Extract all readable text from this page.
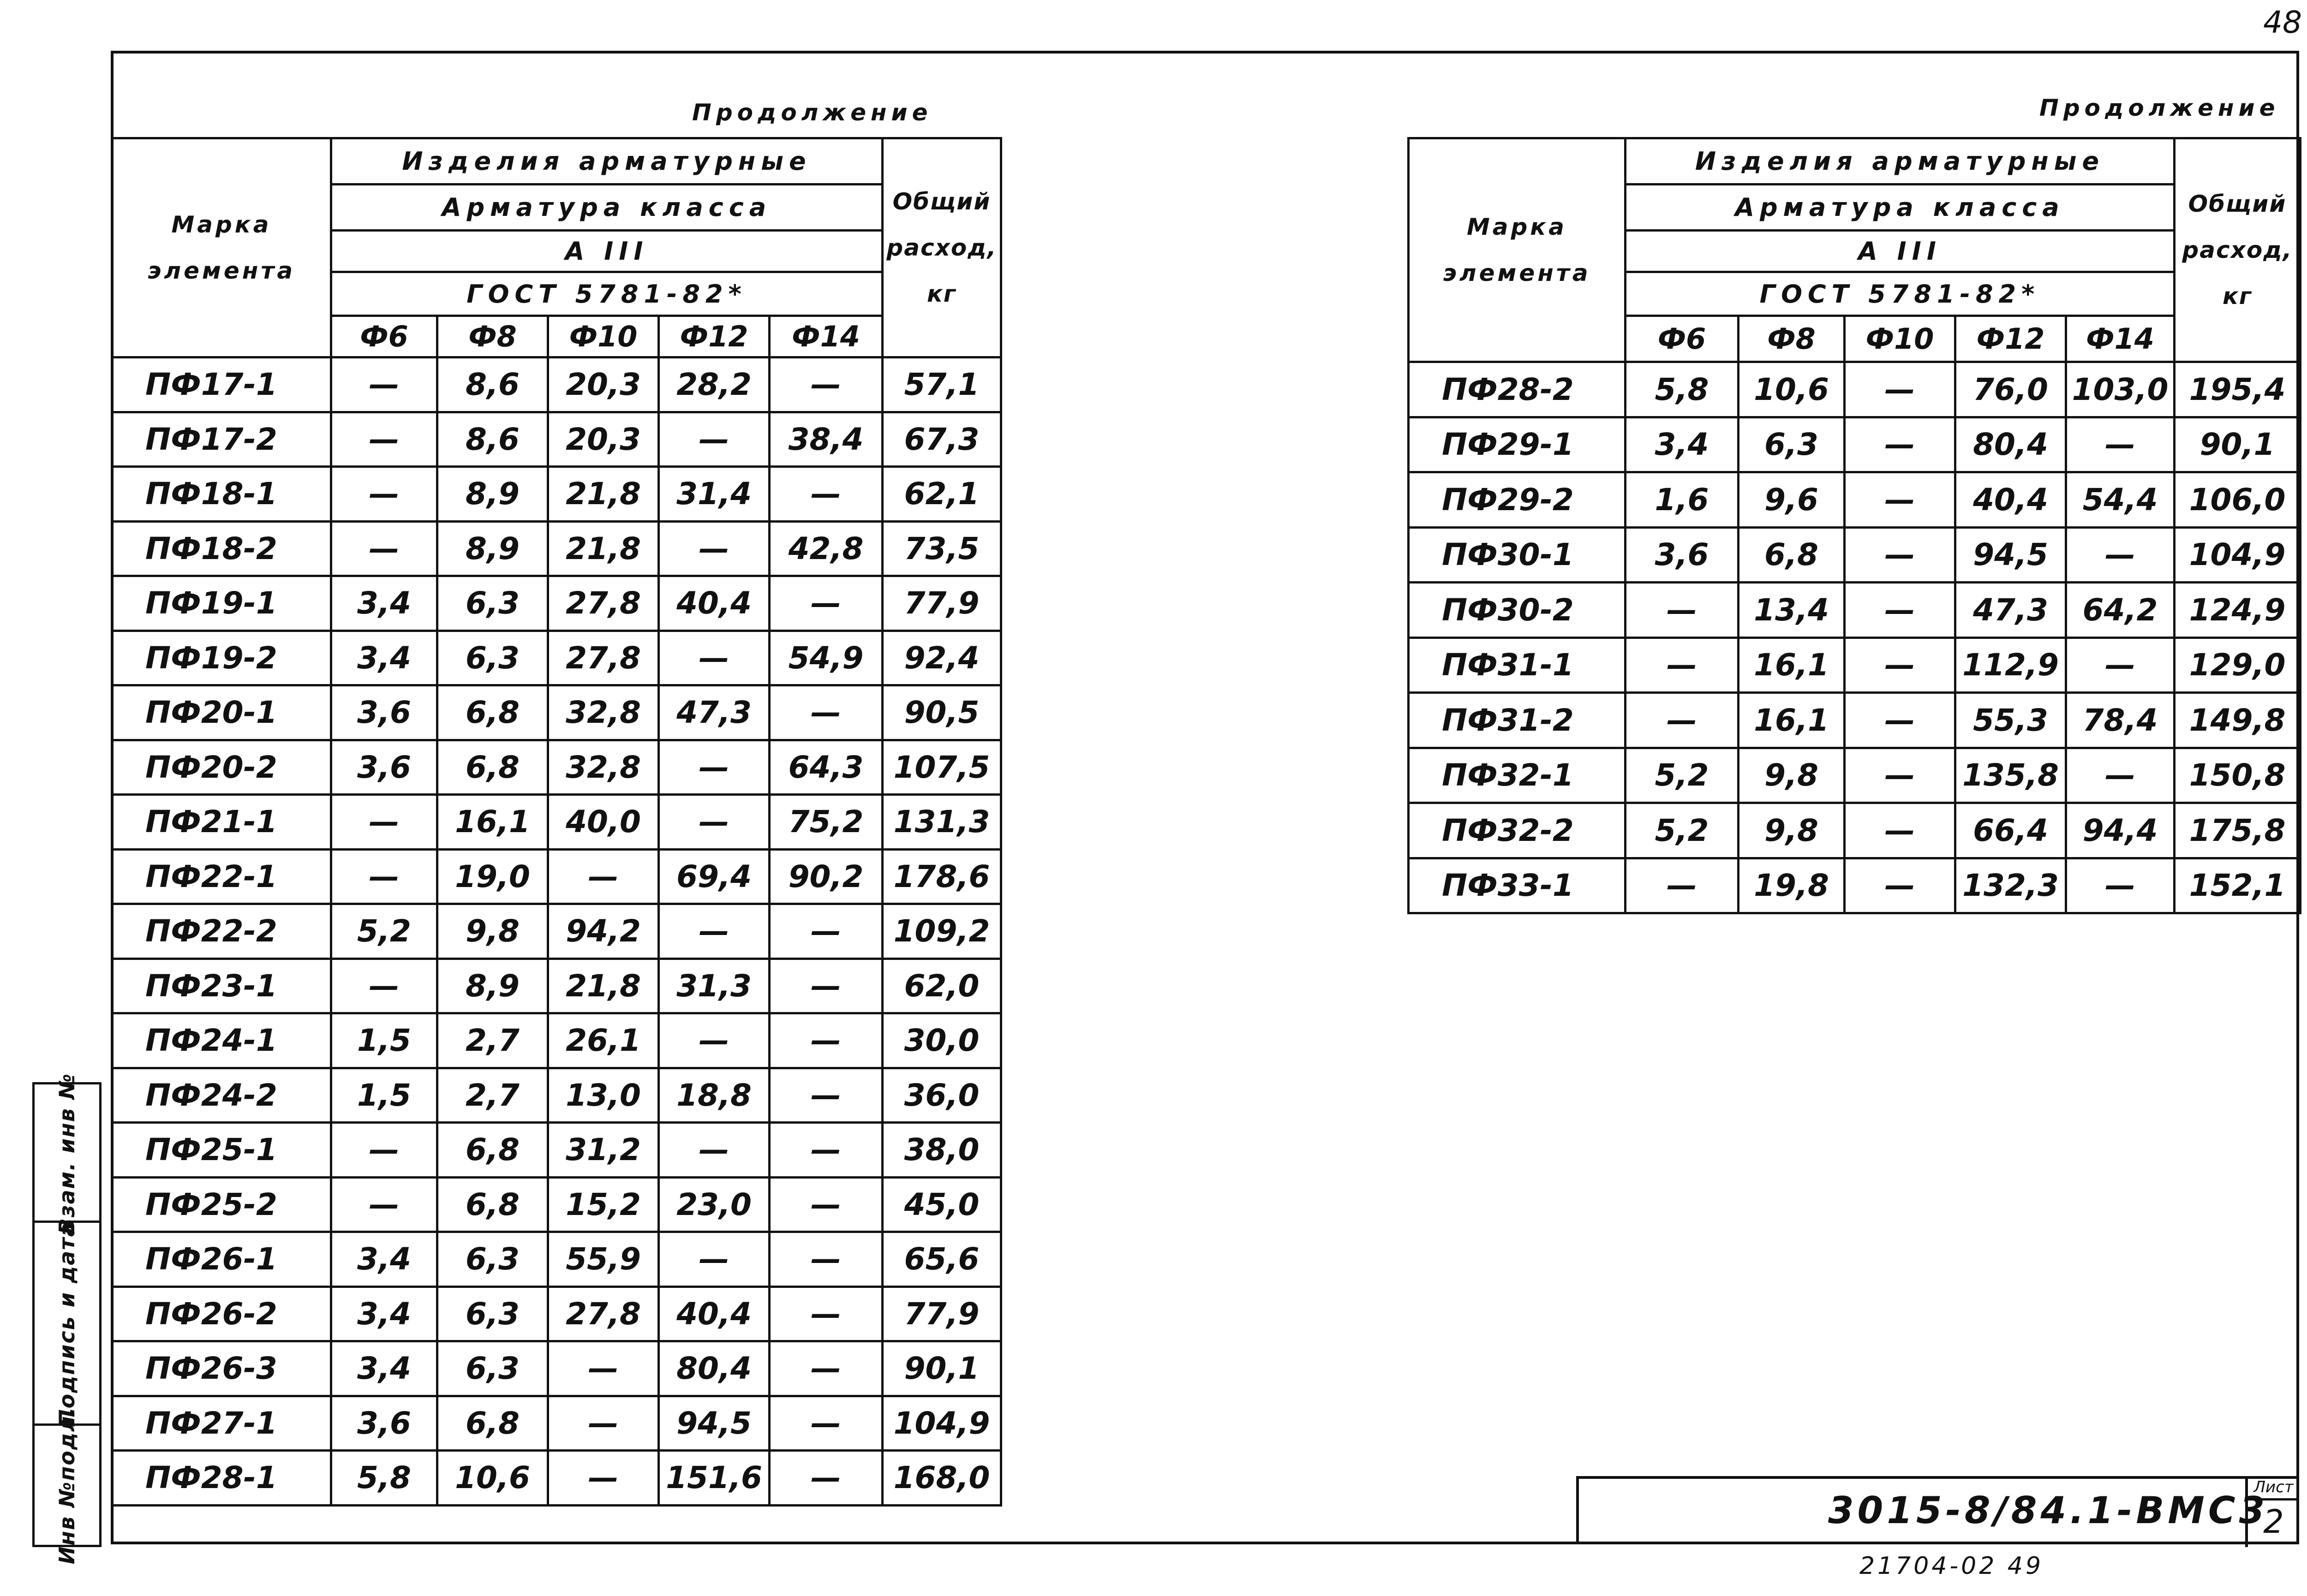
48
Продолжение	Продолжение
Марка элемента	Изделия арматурные					Общий расход, кг
	Арматура класса					
	А III					
	ГОСТ 5781-82*					
	Ф6	Ф8	Ф10	Ф12	Ф14	
ПФ17-1	—	8,6	20,3	28,2	—	57,1
ПФ17-2	—	8,6	20,3	—	38,4	67,3
ПФ18-1	—	8,9	21,8	31,4	—	62,1
ПФ18-2	—	8,9	21,8	—	42,8	73,5
ПФ19-1	3,4	6,3	27,8	40,4	—	77,9
ПФ19-2	3,4	6,3	27,8	—	54,9	92,4
ПФ20-1	3,6	6,8	32,8	47,3	—	90,5
ПФ20-2	3,6	6,8	32,8	—	64,3	107,5
ПФ21-1	—	16,1	40,0	—	75,2	131,3
ПФ22-1	—	19,0	—	69,4	90,2	178,6
ПФ22-2	5,2	9,8	94,2	—	—	109,2
ПФ23-1	—	8,9	21,8	31,3	—	62,0
ПФ24-1	1,5	2,7	26,1	—	—	30,0
ПФ24-2	1,5	2,7	13,0	18,8	—	36,0
ПФ25-1	—	6,8	31,2	—	—	38,0
ПФ25-2	—	6,8	15,2	23,0	—	45,0
ПФ26-1	3,4	6,3	55,9	—	—	65,6
ПФ26-2	3,4	6,3	27,8	40,4	—	77,9
ПФ26-3	3,4	6,3	—	80,4	—	90,1
ПФ27-1	3,6	6,8	—	94,5	—	104,9
ПФ28-1	5,8	10,6	—	151,6	—	168,0
Марка элемента	Изделия арматурные					Общий расход, кг
	Арматура класса					
	А III					
	ГОСТ 5781-82*					
	Ф6	Ф8	Ф10	Ф12	Ф14	
ПФ28-2	5,8	10,6	—	76,0	103,0	195,4
ПФ29-1	3,4	6,3	—	80,4	—	90,1
ПФ29-2	1,6	9,6	—	40,4	54,4	106,0
ПФ30-1	3,6	6,8	—	94,5	—	104,9
ПФ30-2	—	13,4	—	47,3	64,2	124,9
ПФ31-1	—	16,1	—	112,9	—	129,0
ПФ31-2	—	16,1	—	55,3	78,4	149,8
ПФ32-1	5,2	9,8	—	135,8	—	150,8
ПФ32-2	5,2	9,8	—	66,4	94,4	175,8
ПФ33-1	—	19,8	—	132,3	—	152,1
Взам. инв №
Подпись и дата
Инв №подл.	3015-8/84.1-ВМС3
Лист
2
21704-02 49
